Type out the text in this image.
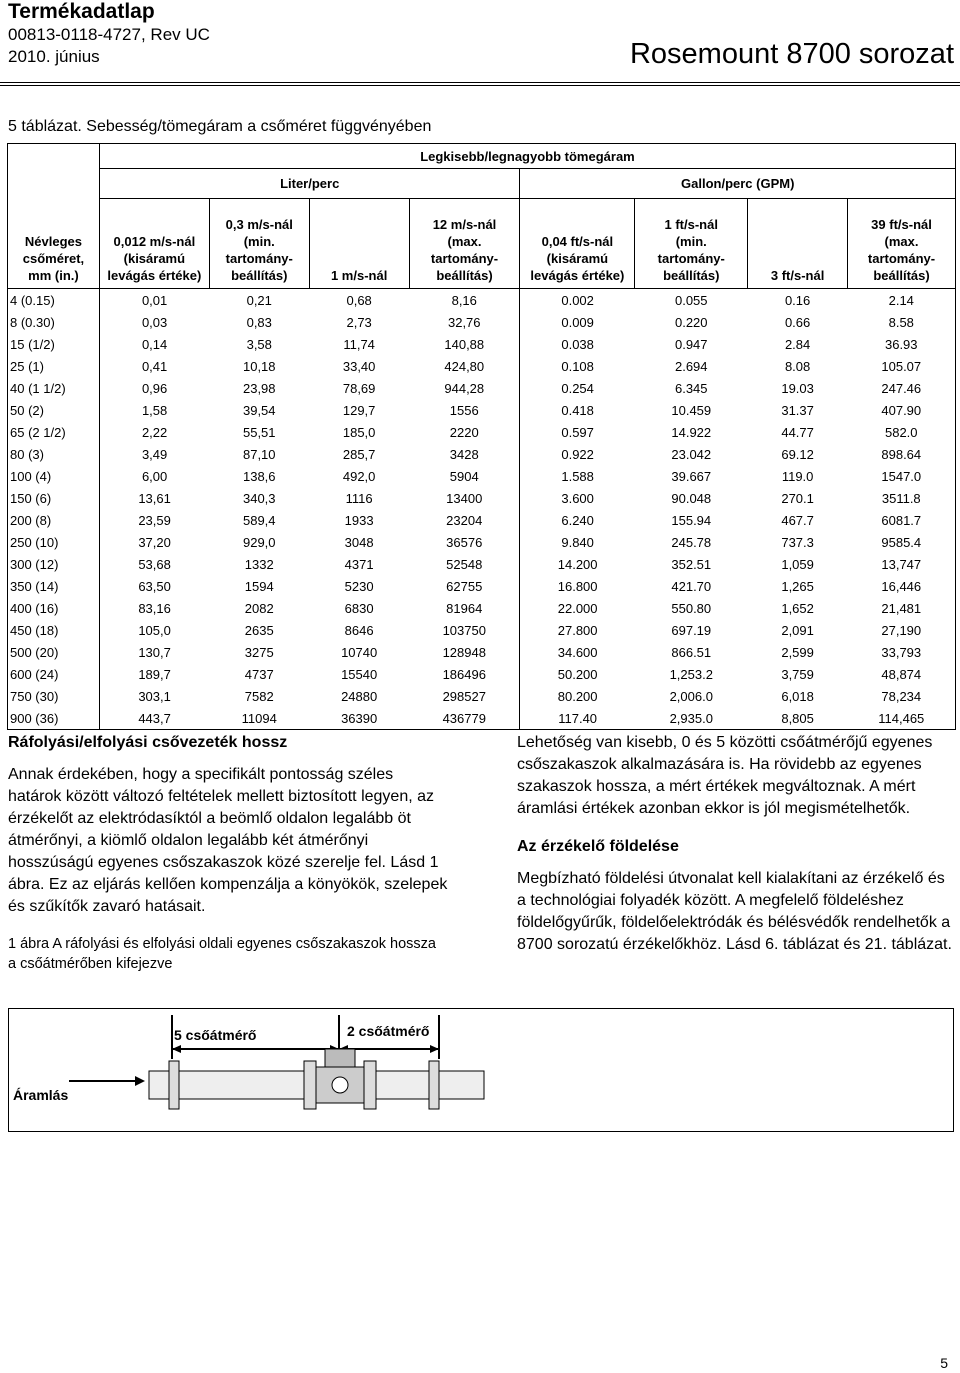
Termékadatlap
00813-0118-4727, Rev UC
2010. június	Rosemount 8700 sorozat
5 táblázat. Sebesség/tömegáram a csőméret függvényében
Névleges
csőméret,
mm (in.)	Legkisebb/legnagyobb tömegáram							
	Liter/perc				Gallon/perc (GPM)			
	0,012 m/s-nál
(kisáramú
levágás értéke)	0,3 m/s-nál
(min.
tartomány-
beállítás)	1 m/s-nál	12 m/s-nál
(max.
tartomány-
beállítás)	0,04 ft/s-nál
(kisáramú
levágás értéke)	1 ft/s-nál
(min.
tartomány-
beállítás)	3 ft/s-nál	39 ft/s-nál
(max.
tartomány-
beállítás)
4 (0.15)	0,01	0,21	0,68	8,16	0.002	0.055	0.16	2.14
8 (0.30)	0,03	0,83	2,73	32,76	0.009	0.220	0.66	8.58
15 (1/2)	0,14	3,58	11,74	140,88	0.038	0.947	2.84	36.93
25 (1)	0,41	10,18	33,40	424,80	0.108	2.694	8.08	105.07
40 (1 1/2)	0,96	23,98	78,69	944,28	0.254	6.345	19.03	247.46
50 (2)	1,58	39,54	129,7	1556	0.418	10.459	31.37	407.90
65 (2 1/2)	2,22	55,51	185,0	2220	0.597	14.922	44.77	582.0
80 (3)	3,49	87,10	285,7	3428	0.922	23.042	69.12	898.64
100 (4)	6,00	138,6	492,0	5904	1.588	39.667	119.0	1547.0
150 (6)	13,61	340,3	1116	13400	3.600	90.048	270.1	3511.8
200 (8)	23,59	589,4	1933	23204	6.240	155.94	467.7	6081.7
250 (10)	37,20	929,0	3048	36576	9.840	245.78	737.3	9585.4
300 (12)	53,68	1332	4371	52548	14.200	352.51	1,059	13,747
350 (14)	63,50	1594	5230	62755	16.800	421.70	1,265	16,446
400 (16)	83,16	2082	6830	81964	22.000	550.80	1,652	21,481
450 (18)	105,0	2635	8646	103750	27.800	697.19	2,091	27,190
500 (20)	130,7	3275	10740	128948	34.600	866.51	2,599	33,793
600 (24)	189,7	4737	15540	186496	50.200	1,253.2	3,759	48,874
750 (30)	303,1	7582	24880	298527	80.200	2,006.0	6,018	78,234
900 (36)	443,7	11094	36390	436779	117.40	2,935.0	8,805	114,465
Ráfolyási/elfolyási csővezeték hossz

Annak érdekében, hogy a specifikált pontosság széles határok között változó feltételek mellett biztosított legyen, az érzékelőt az elektródasíktól a beömlő oldalon legalább öt átmérőnyi, a kiömlő oldalon legalább két átmérőnyi hosszúságú egyenes csőszakaszok közé szerelje fel. Lásd 1 ábra. Ez az eljárás kellően kompenzálja a könyökök, szelepek és szűkítők zavaró hatásait.

1 ábra A ráfolyási és elfolyási oldali egyenes csőszakaszok hossza a csőátmérőben kifejezve

Lehetőség van kisebb, 0 és 5 közötti csőátmérőjű egyenes csőszakaszok alkalmazására is. Ha rövidebb az egyenes szakaszok hossza, a mért értékek megváltoznak. A mért áramlási értékek azonban ekkor is jól megismételhetők.

Az érzékelő földelése

Megbízható földelési útvonalat kell kialakítani az érzékelő és a technológiai folyadék között. A megfelelő földeléshez földelőgyűrűk, földelőelektródák és bélésvédők rendelhetők a 8700 sorozatú érzékelőkhöz. Lásd 6. táblázat és 21. táblázat.

5 csőátmérő	2 csőátmérő
Áramlás
5
